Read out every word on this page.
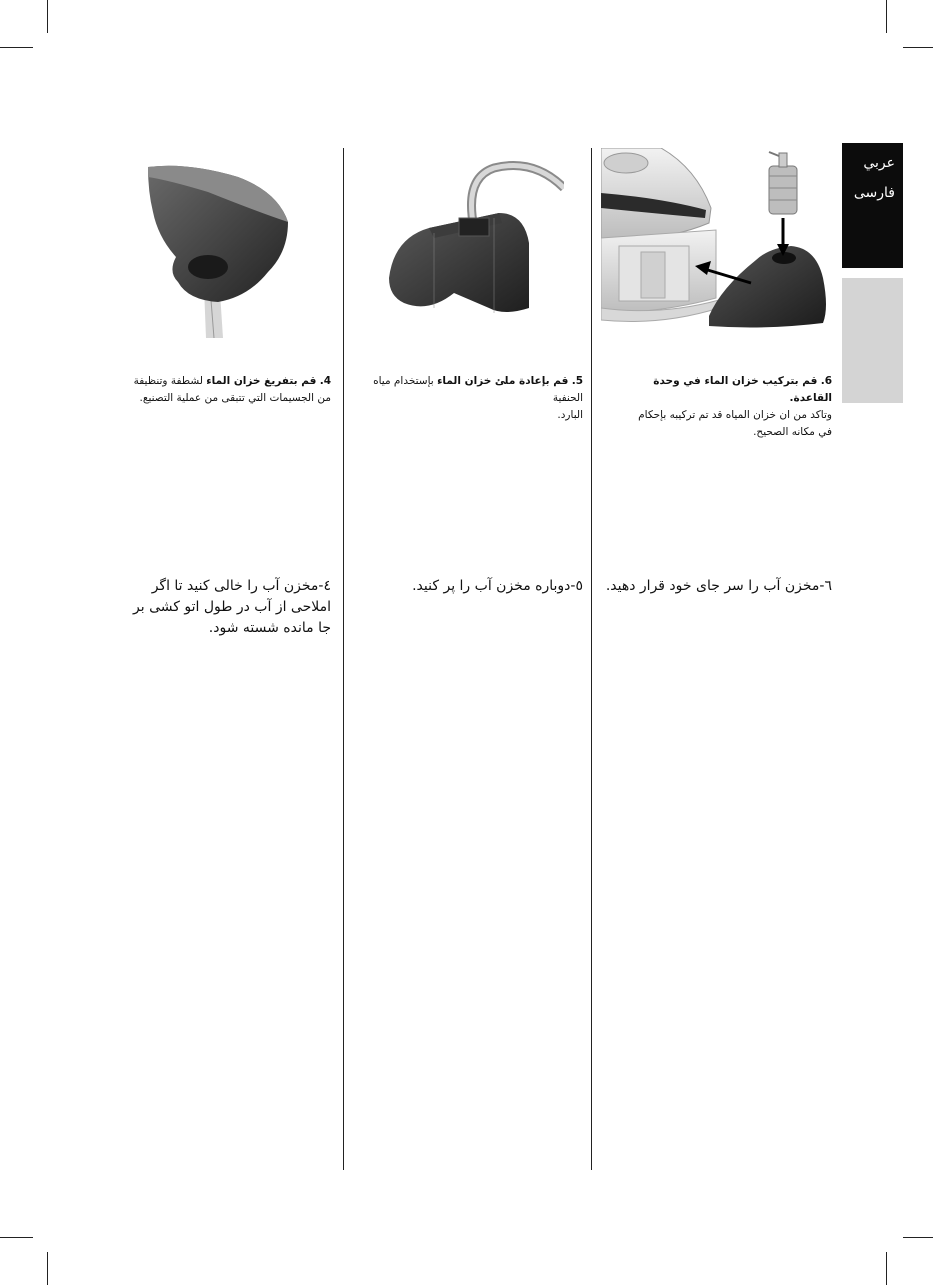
عربي
فارسى
6. قم بتركيب خزان الماء في وحدة القاعدة.
وتاكد من ان خزان المياه قد تم تركيبه بإحكام
في مكانه الصحيح.
5. قم بإعادة ملئ خزان الماء بإستخدام مياه الحنفية
البارد.
4. قم بتفريغ خزان الماء لشطفة وتنظيفة
من الجسيمات التي تتبقى من عملية التصنيع.
٦-مخزن آب را سر جای خود قرار دهید.
٥-دوباره مخزن آب را پر کنید.
٤-مخزن آب را خالی کنید تا اگر
املاحی از آب در طول اتو کشی بر
جا مانده شسته شود.
